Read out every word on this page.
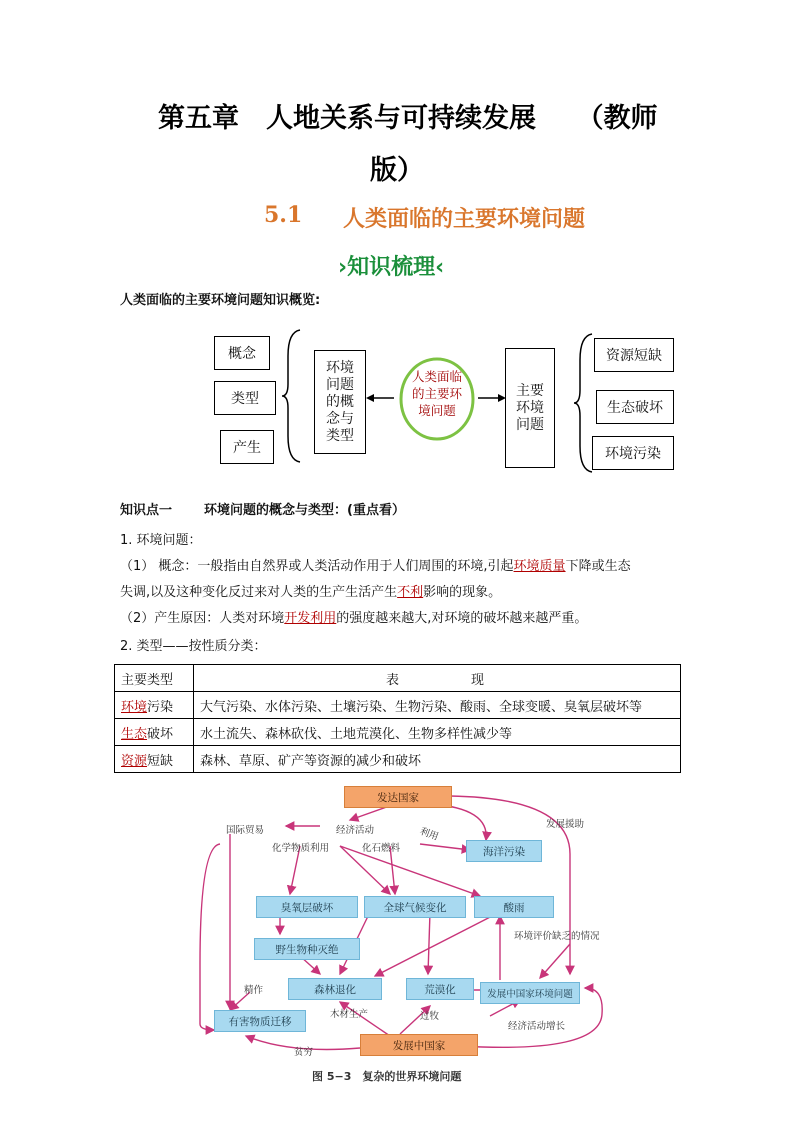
第五章　人地关系与可持续发展　　（教师
版）
5.1 人类面临的主要环境问题
›知识梳理‹
人类面临的主要环境问题知识概览:
概念
类型
产生
环境问题的概念与类型
人类面临的主要环境问题
主要环境问题
资源短缺
生态破坏
环境污染
知识点一 环境问题的概念与类型：(重点看）
1. 环境问题：
（1） 概念：一般指由自然界或人类活动作用于人们周围的环境,引起环境质量下降或生态
失调,以及这种变化反过来对人类的生产生活产生不利影响的现象。
（2）产生原因：人类对环境开发利用的强度越来越大,对环境的破坏越来越严重。
2. 类型——按性质分类：
主要类型	表　　　　现
环境污染	大气污染、水体污染、土壤污染、生物污染、酸雨、全球变暖、臭氧层破坏等
生态破坏	水土流失、森林砍伐、土地荒漠化、生物多样性减少等
资源短缺	森林、草原、矿产等资源的减少和破坏
发达国家
海洋污染
臭氧层破坏	全球气候变化	酸雨
野生物种灭绝
森林退化	荒漠化	发展中国家环境问题
有害物质迁移
发展中国家
国际贸易	经济活动	利用
发展援助
化学物质利用	化石燃料
环境评价缺乏的情况
精作
木材生产	过牧
经济活动增长
贫穷
图 5−3　复杂的世界环境问题
